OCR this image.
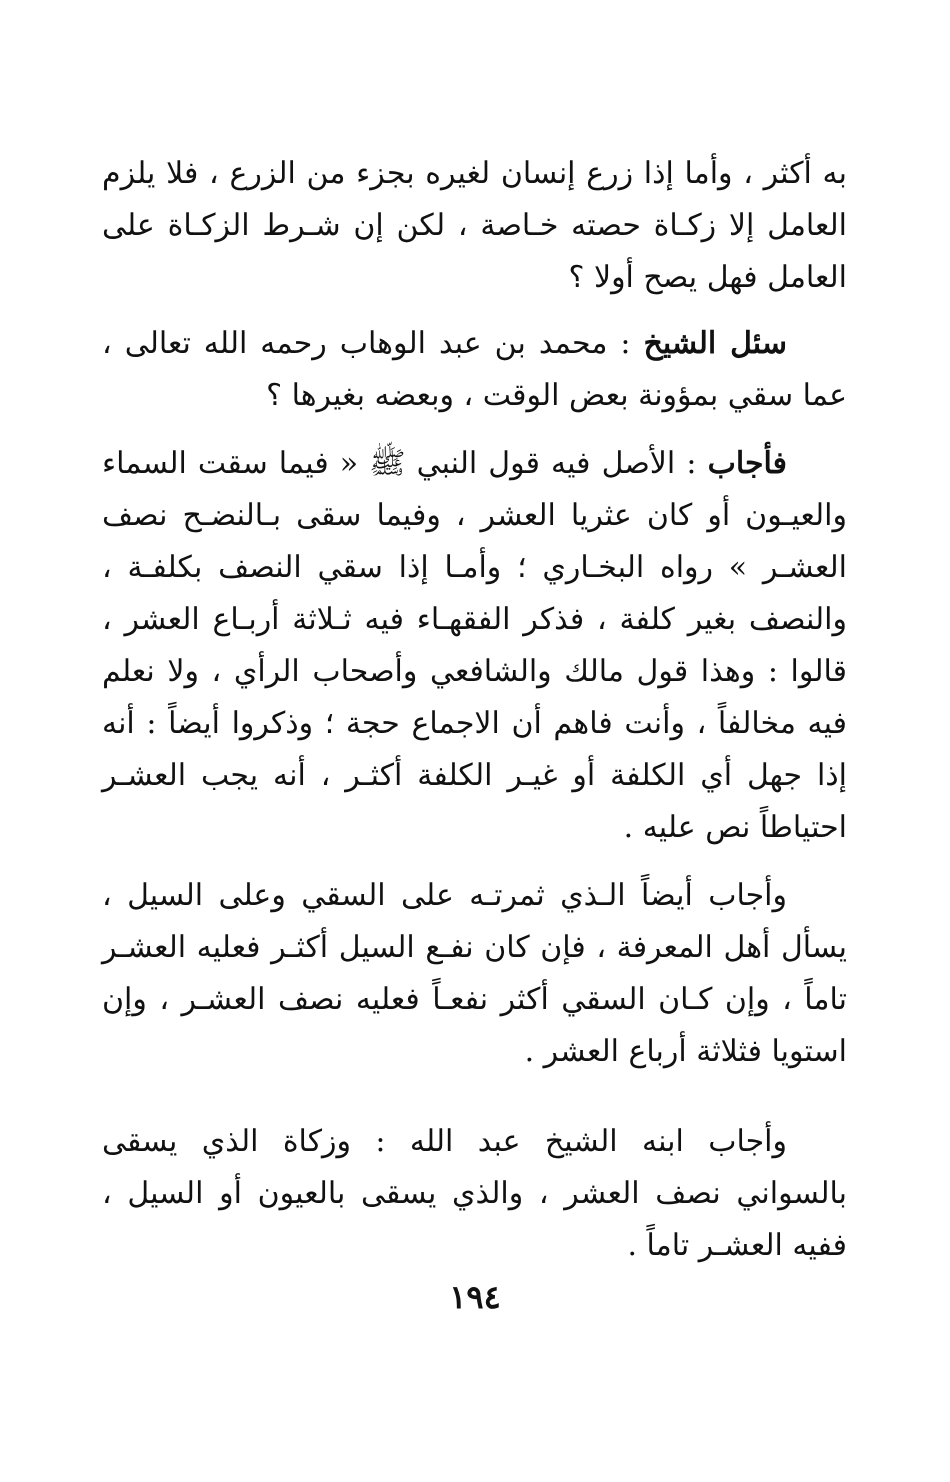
به أكثر ، وأما إذا زرع إنسان لغيره بجزء من الزرع ، فلا يلزم العامل إلا زكـاة حصته خـاصة ، لكن إن شـرط الزكـاة على العامل فهل يصح أولا ؟

سئل الشيخ : محمد بن عبد الوهاب رحمه الله تعالى ، عما سقي بمؤونة بعض الوقت ، وبعضه بغيرها ؟

فأجاب : الأصل فيه قول النبي ﷺ « فيما سقت السماء والعيـون أو كان عثريا العشر ، وفيما سقى بـالنضـح نصف العشـر » رواه البخـاري ؛ وأمـا إذا سقي النصف بكلفـة ، والنصف بغير كلفة ، فذكر الفقهـاء فيه ثـلاثة أربـاع العشر ، قالوا : وهذا قول مالك والشافعي وأصحاب الرأي ، ولا نعلم فيه مخالفاً ، وأنت فاهم أن الاجماع حجة ؛ وذكروا أيضاً : أنه إذا جهل أي الكلفة أو غيـر الكلفة أكثـر ، أنه يجب العشـر احتياطاً نص عليه .

وأجاب أيضاً الـذي ثمرتـه على السقي وعلى السيل ، يسأل أهل المعرفة ، فإن كان نفـع السيل أكثـر فعليه العشـر تاماً ، وإن كـان السقي أكثر نفعـاً فعليه نصف العشـر ، وإن استويا فثلاثة أرباع العشر .

وأجاب ابنه الشيخ عبد الله : وزكاة الذي يسقى بالسواني نصف العشر ، والذي يسقى بالعيون أو السيل ، ففيه العشـر تاماً .

١٩٤
